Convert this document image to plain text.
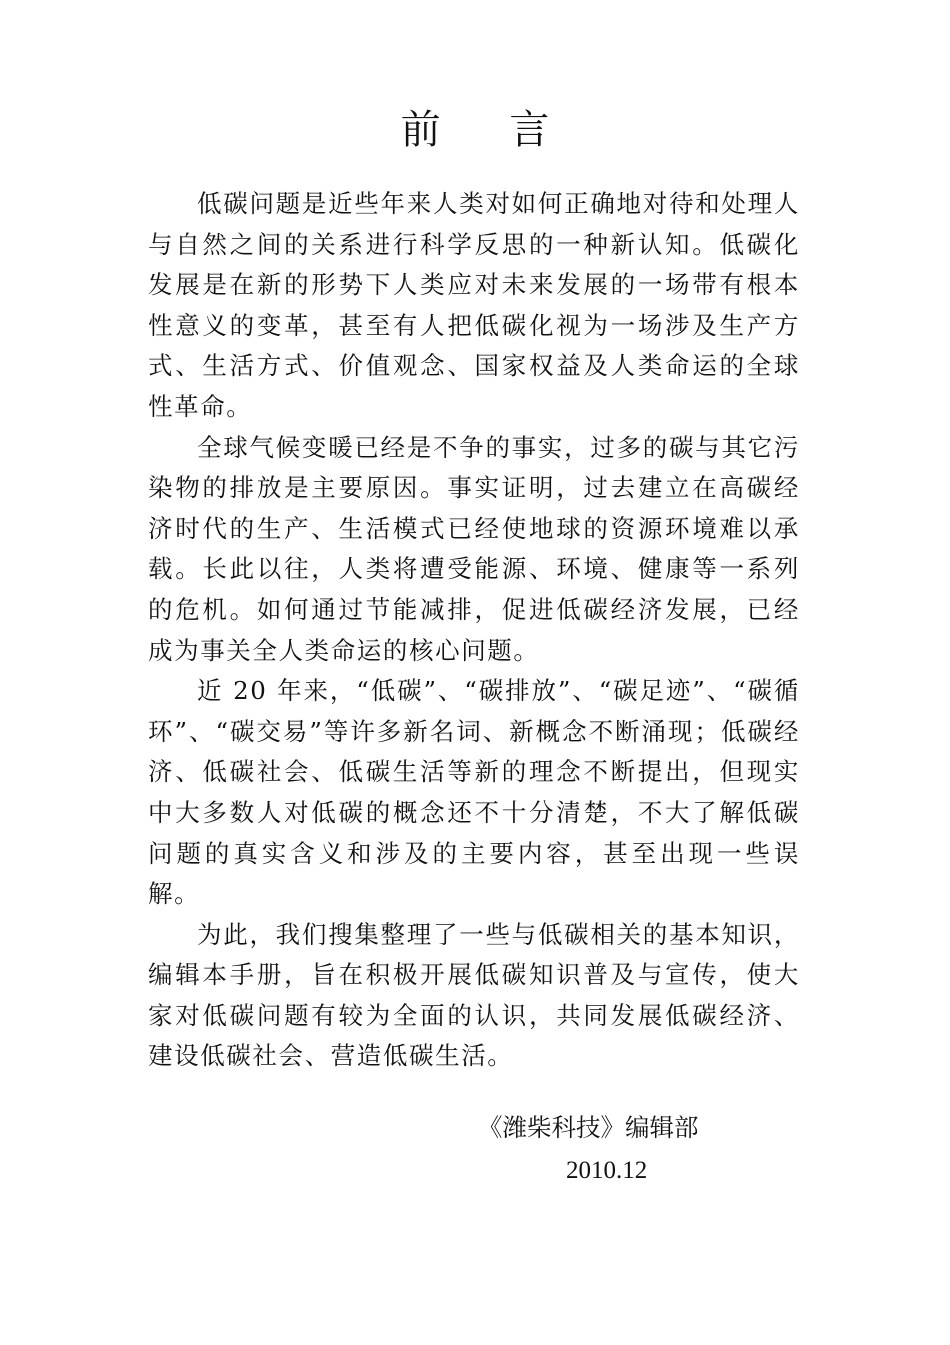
前 言

低碳问题是近些年来人类对如何正确地对待和处理人与自然之间的关系进行科学反思的一种新认知。低碳化发展是在新的形势下人类应对未来发展的一场带有根本性意义的变革，甚至有人把低碳化视为一场涉及生产方式、生活方式、价值观念、国家权益及人类命运的全球性革命。

全球气候变暖已经是不争的事实，过多的碳与其它污染物的排放是主要原因。事实证明，过去建立在高碳经济时代的生产、生活模式已经使地球的资源环境难以承载。长此以往，人类将遭受能源、环境、健康等一系列的危机。如何通过节能减排，促进低碳经济发展，已经成为事关全人类命运的核心问题。

近 20 年来，“低碳”、“碳排放”、“碳足迹”、“碳循环”、“碳交易”等许多新名词、新概念不断涌现；低碳经济、低碳社会、低碳生活等新的理念不断提出，但现实中大多数人对低碳的概念还不十分清楚，不大了解低碳问题的真实含义和涉及的主要内容，甚至出现一些误解。

为此，我们搜集整理了一些与低碳相关的基本知识，编辑本手册，旨在积极开展低碳知识普及与宣传，使大家对低碳问题有较为全面的认识，共同发展低碳经济、建设低碳社会、营造低碳生活。

《潍柴科技》编辑部
2010.12
